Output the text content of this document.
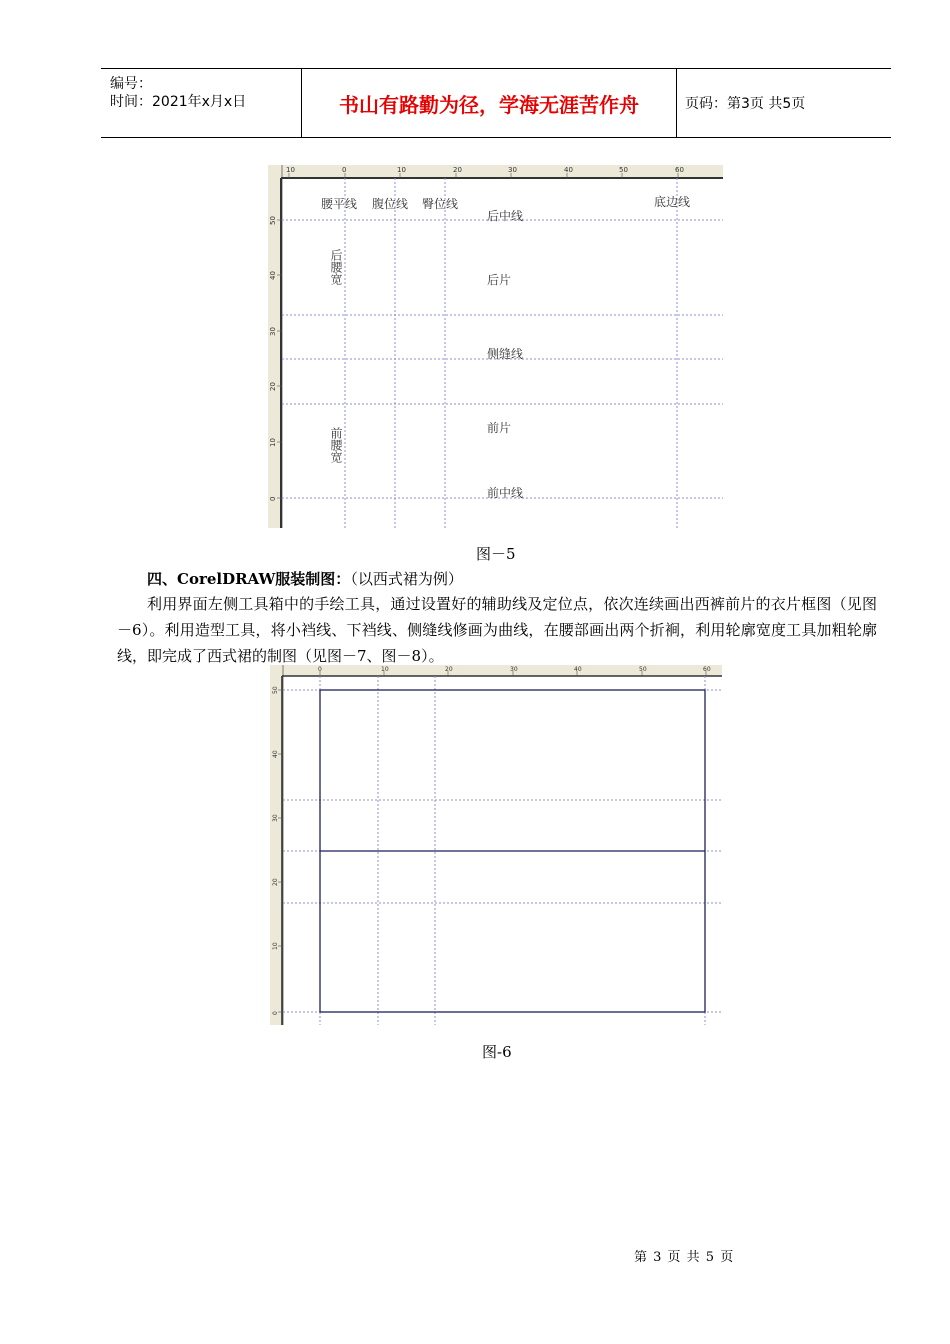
编号：
时间：2021年x月x日	书山有路勤为径，学海无涯苦作舟	页码：第3页 共5页
10	0	10	20	30	40	50	60
50
40
30
20
10
0
腰平线 腹位线 臀位线	底边线
后中线
后片
侧缝线
前片
前中线
后腰宽
前腰宽
图－5

四、CorelDRAW服装制图：（以西式裙为例）

利用界面左侧工具箱中的手绘工具，通过设置好的辅助线及定位点，依次连续画出西裤前片的衣片框图（见图－6）。利用造型工具，将小裆线、下裆线、侧缝线修画为曲线，在腰部画出两个折裥，利用轮廓宽度工具加粗轮廓线，即完成了西式裙的制图（见图－7、图－8）。

0	10	20	30	40	50	60
50
40
30
20
10
0
图-6
第 3 页 共 5 页
